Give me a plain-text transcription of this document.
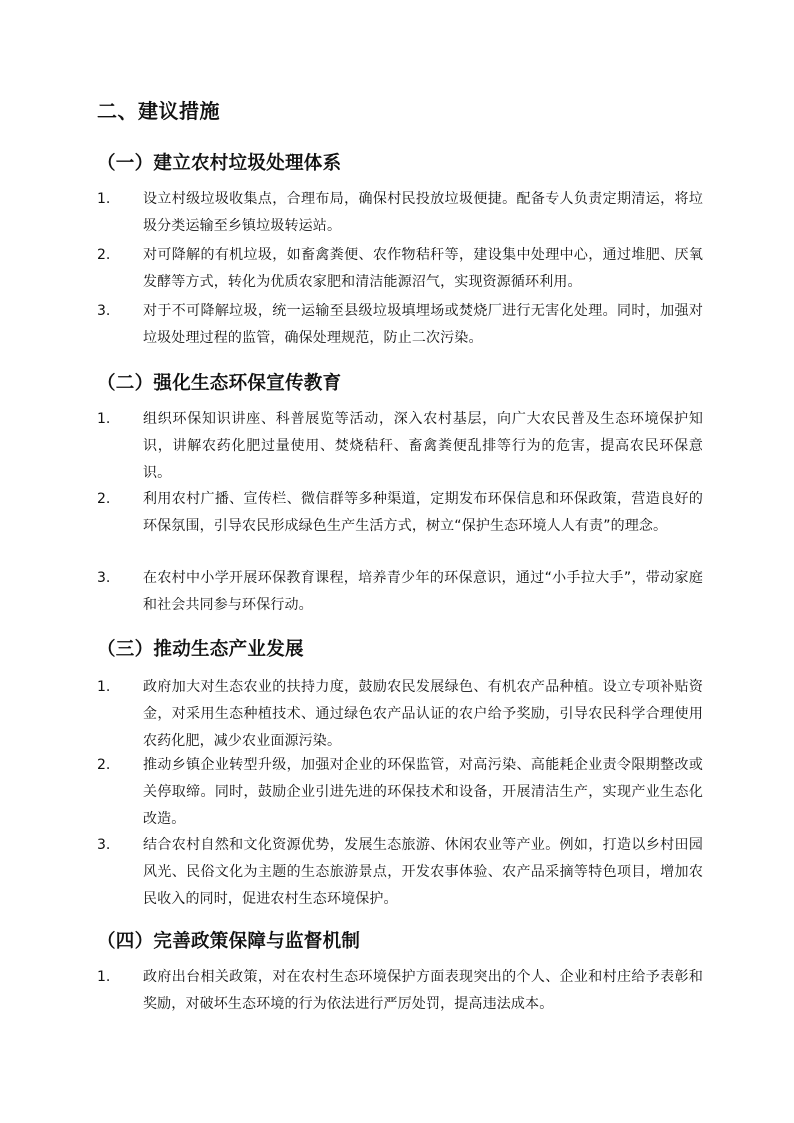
二、建议措施
（一）建立农村垃圾处理体系
1.	设立村级垃圾收集点，合理布局，确保村民投放垃圾便捷。配备专人负责定期清运，将垃圾分类运输至乡镇垃圾转运站。
2.	对可降解的有机垃圾，如畜禽粪便、农作物秸秆等，建设集中处理中心，通过堆肥、厌氧发酵等方式，转化为优质农家肥和清洁能源沼气，实现资源循环利用。
3.	对于不可降解垃圾，统一运输至县级垃圾填埋场或焚烧厂进行无害化处理。同时，加强对垃圾处理过程的监管，确保处理规范，防止二次污染。
（二）强化生态环保宣传教育
1.	组织环保知识讲座、科普展览等活动，深入农村基层，向广大农民普及生态环境保护知识，讲解农药化肥过量使用、焚烧秸秆、畜禽粪便乱排等行为的危害，提高农民环保意识。
2.	利用农村广播、宣传栏、微信群等多种渠道，定期发布环保信息和环保政策，营造良好的环保氛围，引导农民形成绿色生产生活方式，树立“保护生态环境人人有责”的理念。
3.	在农村中小学开展环保教育课程，培养青少年的环保意识，通过“小手拉大手”，带动家庭和社会共同参与环保行动。
（三）推动生态产业发展
1.	政府加大对生态农业的扶持力度，鼓励农民发展绿色、有机农产品种植。设立专项补贴资金，对采用生态种植技术、通过绿色农产品认证的农户给予奖励，引导农民科学合理使用农药化肥，减少农业面源污染。
2.	推动乡镇企业转型升级，加强对企业的环保监管，对高污染、高能耗企业责令限期整改或关停取缔。同时，鼓励企业引进先进的环保技术和设备，开展清洁生产，实现产业生态化改造。
3.	结合农村自然和文化资源优势，发展生态旅游、休闲农业等产业。例如，打造以乡村田园风光、民俗文化为主题的生态旅游景点，开发农事体验、农产品采摘等特色项目，增加农民收入的同时，促进农村生态环境保护。
（四）完善政策保障与监督机制
1.	政府出台相关政策，对在农村生态环境保护方面表现突出的个人、企业和村庄给予表彰和奖励，对破坏生态环境的行为依法进行严厉处罚，提高违法成本。
